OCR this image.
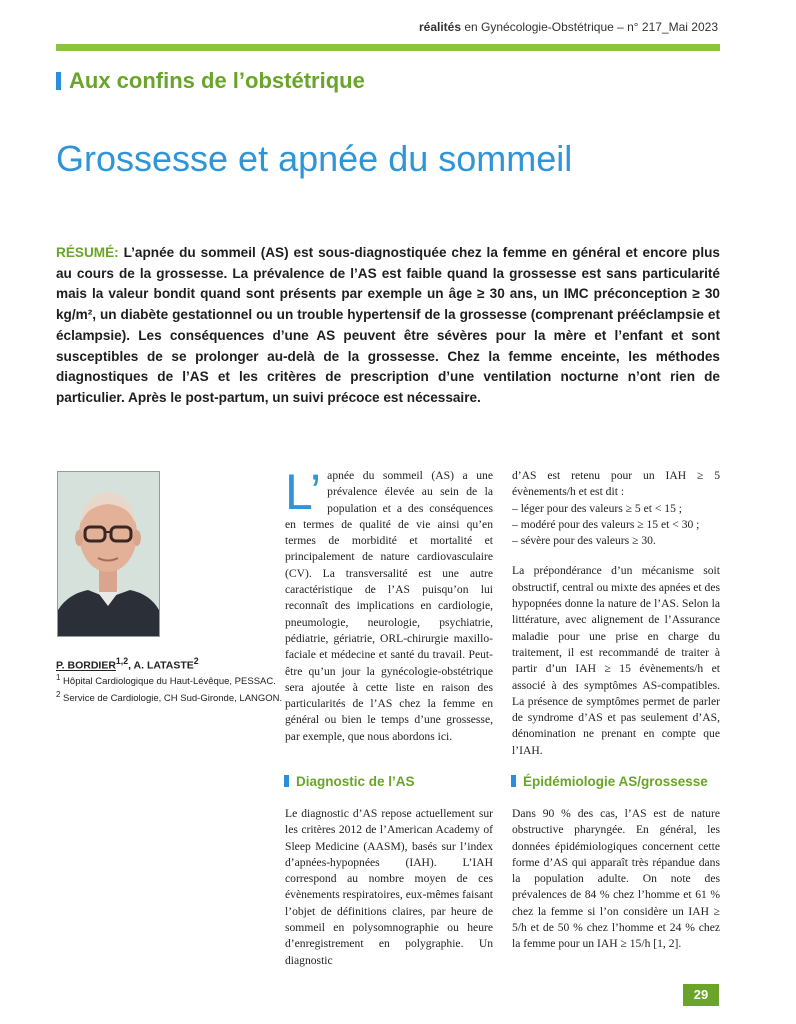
réalités en Gynécologie-Obstétrique – n° 217_Mai 2023
Aux confins de l’obstétrique
Grossesse et apnée du sommeil
RÉSUMÉ: L’apnée du sommeil (AS) est sous-diagnostiquée chez la femme en général et encore plus au cours de la grossesse. La prévalence de l’AS est faible quand la grossesse est sans particularité mais la valeur bondit quand sont présents par exemple un âge ≥ 30 ans, un IMC préconception ≥ 30 kg/m², un diabète gestationnel ou un trouble hypertensif de la grossesse (comprenant prééclampsie et éclampsie). Les conséquences d’une AS peuvent être sévères pour la mère et l’enfant et sont susceptibles de se prolonger au-delà de la grossesse. Chez la femme enceinte, les méthodes diagnostiques de l’AS et les critères de prescription d’une ventilation nocturne n’ont rien de particulier. Après le post-partum, un suivi précoce est nécessaire.
P. BORDIER$^{1,2}$, A. LATASTE$^2$
$^1$ Hôpital Cardiologique du Haut-Lévêque, PESSAC.
$^2$ Service de Cardiologie, CH Sud-Gironde, LANGON.
L’ apnée du sommeil (AS) a une prévalence élevée au sein de la population et a des conséquences en termes de qualité de vie ainsi qu’en termes de morbidité et mortalité et principalement de nature cardiovasculaire (CV). La transversalité est une autre caractéristique de l’AS puisqu’on lui reconnaît des implications en cardiologie, pneumologie, neurologie, psychiatrie, pédiatrie, gériatrie, ORL-chirurgie maxillo-faciale et médecine et santé du travail. Peut-être qu’un jour la gynécologie-obstétrique sera ajoutée à cette liste en raison des particularités de l’AS chez la femme en général ou bien le temps d’une grossesse, par exemple, que nous abordons ici.

d’AS est retenu pour un IAH ≥ 5 évènements/h et est dit :

– léger pour des valeurs ≥ 5 et < 15 ;

– modéré pour des valeurs ≥ 15 et < 30 ;

– sévère pour des valeurs ≥ 30.

La prépondérance d’un mécanisme soit obstructif, central ou mixte des apnées et des hypopnées donne la nature de l’AS. Selon la littérature, avec alignement de l’Assurance maladie pour une prise en charge du traitement, il est recommandé de traiter à partir d’un IAH ≥ 15 évènements/h et associé à des symptômes AS-compatibles. La présence de symptômes permet de parler de syndrome d’AS et pas seulement d’AS, dénomination ne prenant en compte que l’IAH.

Diagnostic de l’AS	Épidémiologie AS/grossesse
Le diagnostic d’AS repose actuellement sur les critères 2012 de l’American Academy of Sleep Medicine (AASM), basés sur l’index d’apnées-hypopnées (IAH). L’IAH correspond au nombre moyen de ces évènements respiratoires, eux-mêmes faisant l’objet de définitions claires, par heure de sommeil en polysomnographie ou heure d’enregistrement en polygraphie. Un diagnostic
Dans 90 % des cas, l’AS est de nature obstructive pharyngée. En général, les données épidémiologiques concernent cette forme d’AS qui apparaît très répandue dans la population adulte. On note des prévalences de 84 % chez l’homme et 61 % chez la femme si l’on considère un IAH ≥ 5/h et de 50 % chez l’homme et 24 % chez la femme pour un IAH ≥ 15/h [1, 2].
29
